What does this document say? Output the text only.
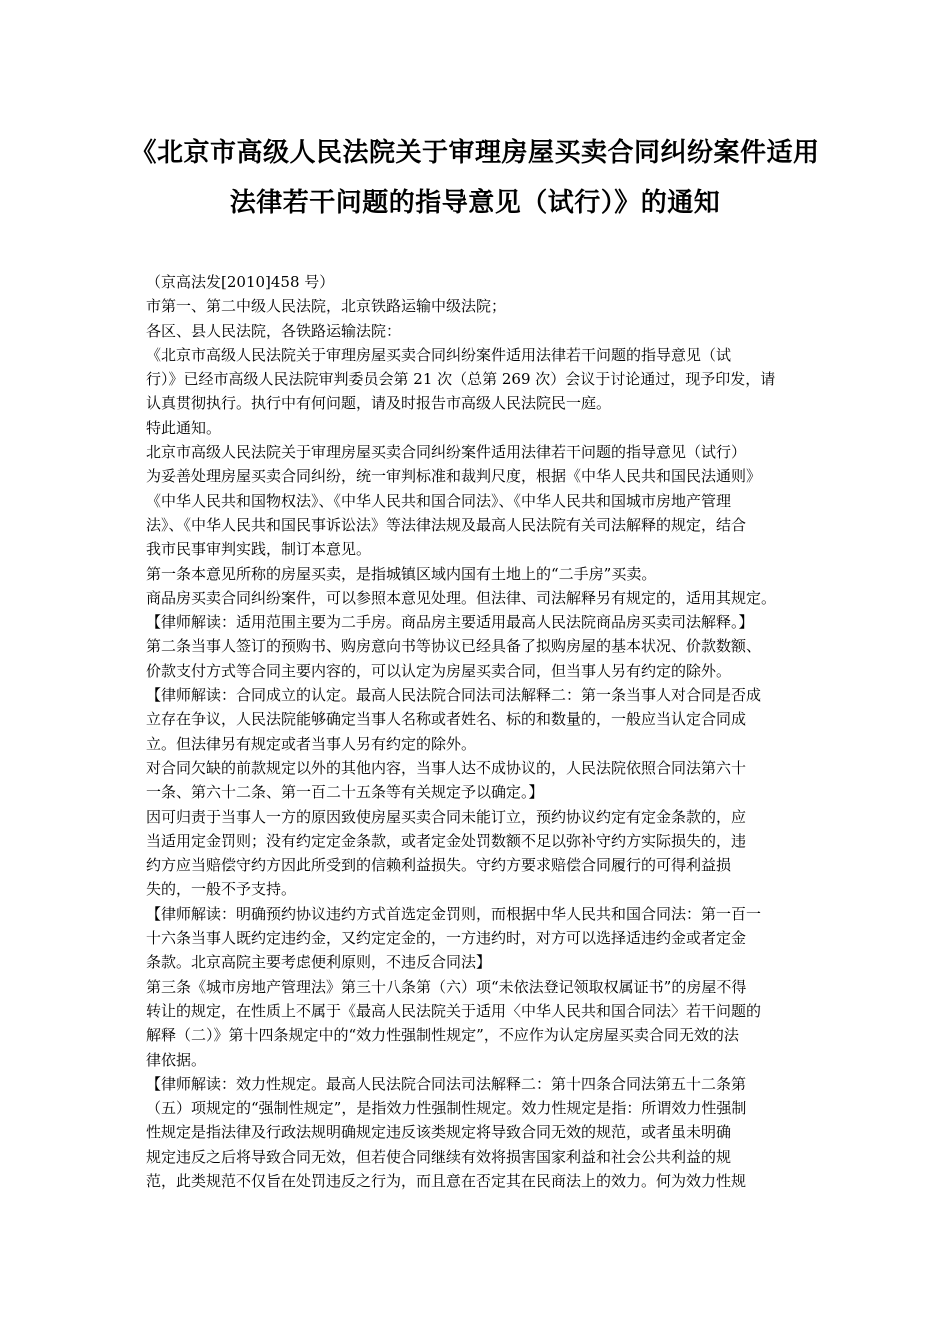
《北京市高级人民法院关于审理房屋买卖合同纠纷案件适用
法律若干问题的指导意见（试行）》的通知
（京高法发[2010]458 号）
市第一、第二中级人民法院，北京铁路运输中级法院；
各区、县人民法院，各铁路运输法院：
《北京市高级人民法院关于审理房屋买卖合同纠纷案件适用法律若干问题的指导意见（试
行）》已经市高级人民法院审判委员会第 21 次（总第 269 次）会议于讨论通过，现予印发，请
认真贯彻执行。执行中有何问题，请及时报告市高级人民法院民一庭。
特此通知。
北京市高级人民法院关于审理房屋买卖合同纠纷案件适用法律若干问题的指导意见（试行）
为妥善处理房屋买卖合同纠纷，统一审判标准和裁判尺度，根据《中华人民共和国民法通则》
《中华人民共和国物权法》、《中华人民共和国合同法》、《中华人民共和国城市房地产管理
法》、《中华人民共和国民事诉讼法》等法律法规及最高人民法院有关司法解释的规定，结合
我市民事审判实践，制订本意见。
第一条本意见所称的房屋买卖，是指城镇区域内国有土地上的“二手房”买卖。
商品房买卖合同纠纷案件，可以参照本意见处理。但法律、司法解释另有规定的，适用其规定。
【律师解读：适用范围主要为二手房。商品房主要适用最高人民法院商品房买卖司法解释。】
第二条当事人签订的预购书、购房意向书等协议已经具备了拟购房屋的基本状况、价款数额、
价款支付方式等合同主要内容的，可以认定为房屋买卖合同，但当事人另有约定的除外。
【律师解读：合同成立的认定。最高人民法院合同法司法解释二：第一条当事人对合同是否成
立存在争议，人民法院能够确定当事人名称或者姓名、标的和数量的，一般应当认定合同成
立。但法律另有规定或者当事人另有约定的除外。
对合同欠缺的前款规定以外的其他内容，当事人达不成协议的，人民法院依照合同法第六十
一条、第六十二条、第一百二十五条等有关规定予以确定。】
因可归责于当事人一方的原因致使房屋买卖合同未能订立，预约协议约定有定金条款的，应
当适用定金罚则；没有约定定金条款，或者定金处罚数额不足以弥补守约方实际损失的，违
约方应当赔偿守约方因此所受到的信赖利益损失。守约方要求赔偿合同履行的可得利益损
失的，一般不予支持。
【律师解读：明确预约协议违约方式首选定金罚则，而根据中华人民共和国合同法：第一百一
十六条当事人既约定违约金，又约定定金的，一方违约时，对方可以选择适违约金或者定金
条款。北京高院主要考虑便利原则，不违反合同法】
第三条《城市房地产管理法》第三十八条第（六）项“未依法登记领取权属证书”的房屋不得
转让的规定，在性质上不属于《最高人民法院关于适用〈中华人民共和国合同法〉若干问题的
解释（二）》第十四条规定中的“效力性强制性规定”，不应作为认定房屋买卖合同无效的法
律依据。
【律师解读：效力性规定。最高人民法院合同法司法解释二：第十四条合同法第五十二条第
（五）项规定的“强制性规定”，是指效力性强制性规定。效力性规定是指：所谓效力性强制
性规定是指法律及行政法规明确规定违反该类规定将导致合同无效的规范，或者虽未明确
规定违反之后将导致合同无效，但若使合同继续有效将损害国家利益和社会公共利益的规
范，此类规范不仅旨在处罚违反之行为，而且意在否定其在民商法上的效力。何为效力性规
